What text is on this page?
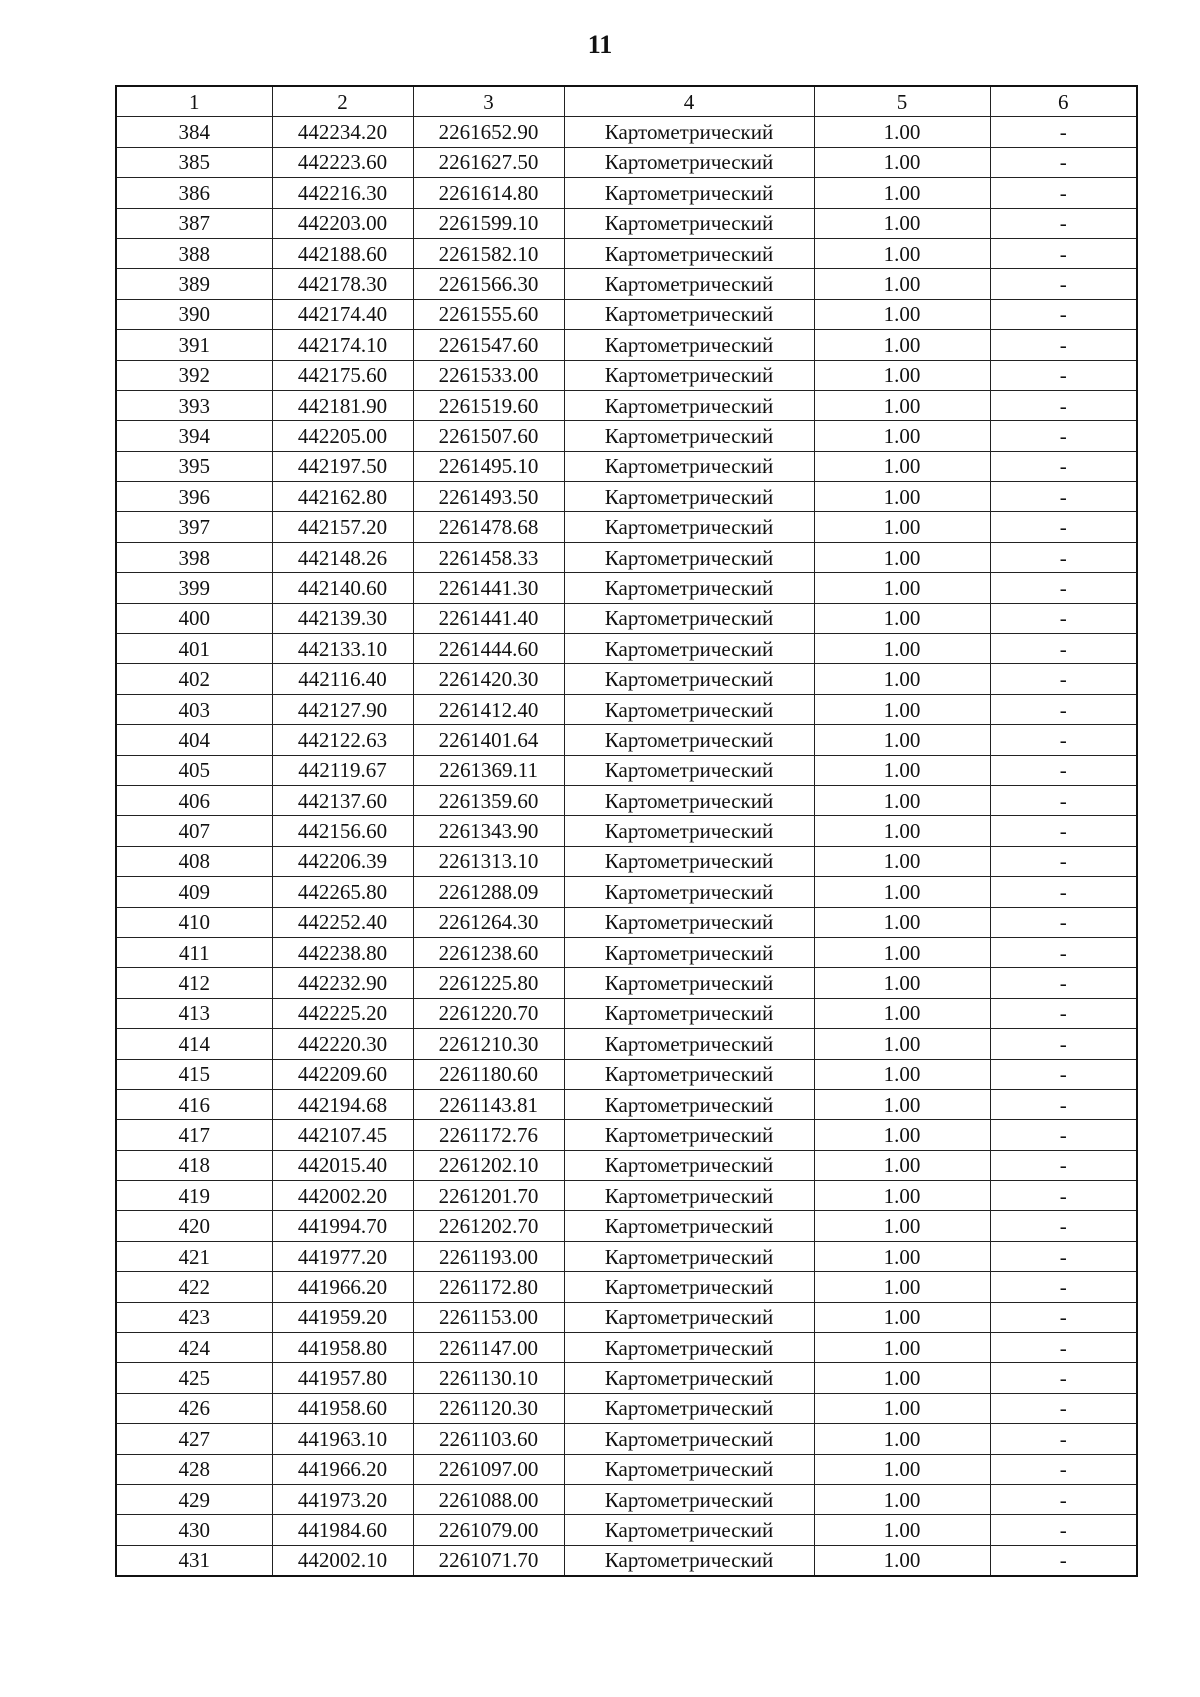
11
1	2	3	4	5	6
384	442234.20	2261652.90	Картометрический	1.00	-
385	442223.60	2261627.50	Картометрический	1.00	-
386	442216.30	2261614.80	Картометрический	1.00	-
387	442203.00	2261599.10	Картометрический	1.00	-
388	442188.60	2261582.10	Картометрический	1.00	-
389	442178.30	2261566.30	Картометрический	1.00	-
390	442174.40	2261555.60	Картометрический	1.00	-
391	442174.10	2261547.60	Картометрический	1.00	-
392	442175.60	2261533.00	Картометрический	1.00	-
393	442181.90	2261519.60	Картометрический	1.00	-
394	442205.00	2261507.60	Картометрический	1.00	-
395	442197.50	2261495.10	Картометрический	1.00	-
396	442162.80	2261493.50	Картометрический	1.00	-
397	442157.20	2261478.68	Картометрический	1.00	-
398	442148.26	2261458.33	Картометрический	1.00	-
399	442140.60	2261441.30	Картометрический	1.00	-
400	442139.30	2261441.40	Картометрический	1.00	-
401	442133.10	2261444.60	Картометрический	1.00	-
402	442116.40	2261420.30	Картометрический	1.00	-
403	442127.90	2261412.40	Картометрический	1.00	-
404	442122.63	2261401.64	Картометрический	1.00	-
405	442119.67	2261369.11	Картометрический	1.00	-
406	442137.60	2261359.60	Картометрический	1.00	-
407	442156.60	2261343.90	Картометрический	1.00	-
408	442206.39	2261313.10	Картометрический	1.00	-
409	442265.80	2261288.09	Картометрический	1.00	-
410	442252.40	2261264.30	Картометрический	1.00	-
411	442238.80	2261238.60	Картометрический	1.00	-
412	442232.90	2261225.80	Картометрический	1.00	-
413	442225.20	2261220.70	Картометрический	1.00	-
414	442220.30	2261210.30	Картометрический	1.00	-
415	442209.60	2261180.60	Картометрический	1.00	-
416	442194.68	2261143.81	Картометрический	1.00	-
417	442107.45	2261172.76	Картометрический	1.00	-
418	442015.40	2261202.10	Картометрический	1.00	-
419	442002.20	2261201.70	Картометрический	1.00	-
420	441994.70	2261202.70	Картометрический	1.00	-
421	441977.20	2261193.00	Картометрический	1.00	-
422	441966.20	2261172.80	Картометрический	1.00	-
423	441959.20	2261153.00	Картометрический	1.00	-
424	441958.80	2261147.00	Картометрический	1.00	-
425	441957.80	2261130.10	Картометрический	1.00	-
426	441958.60	2261120.30	Картометрический	1.00	-
427	441963.10	2261103.60	Картометрический	1.00	-
428	441966.20	2261097.00	Картометрический	1.00	-
429	441973.20	2261088.00	Картометрический	1.00	-
430	441984.60	2261079.00	Картометрический	1.00	-
431	442002.10	2261071.70	Картометрический	1.00	-
